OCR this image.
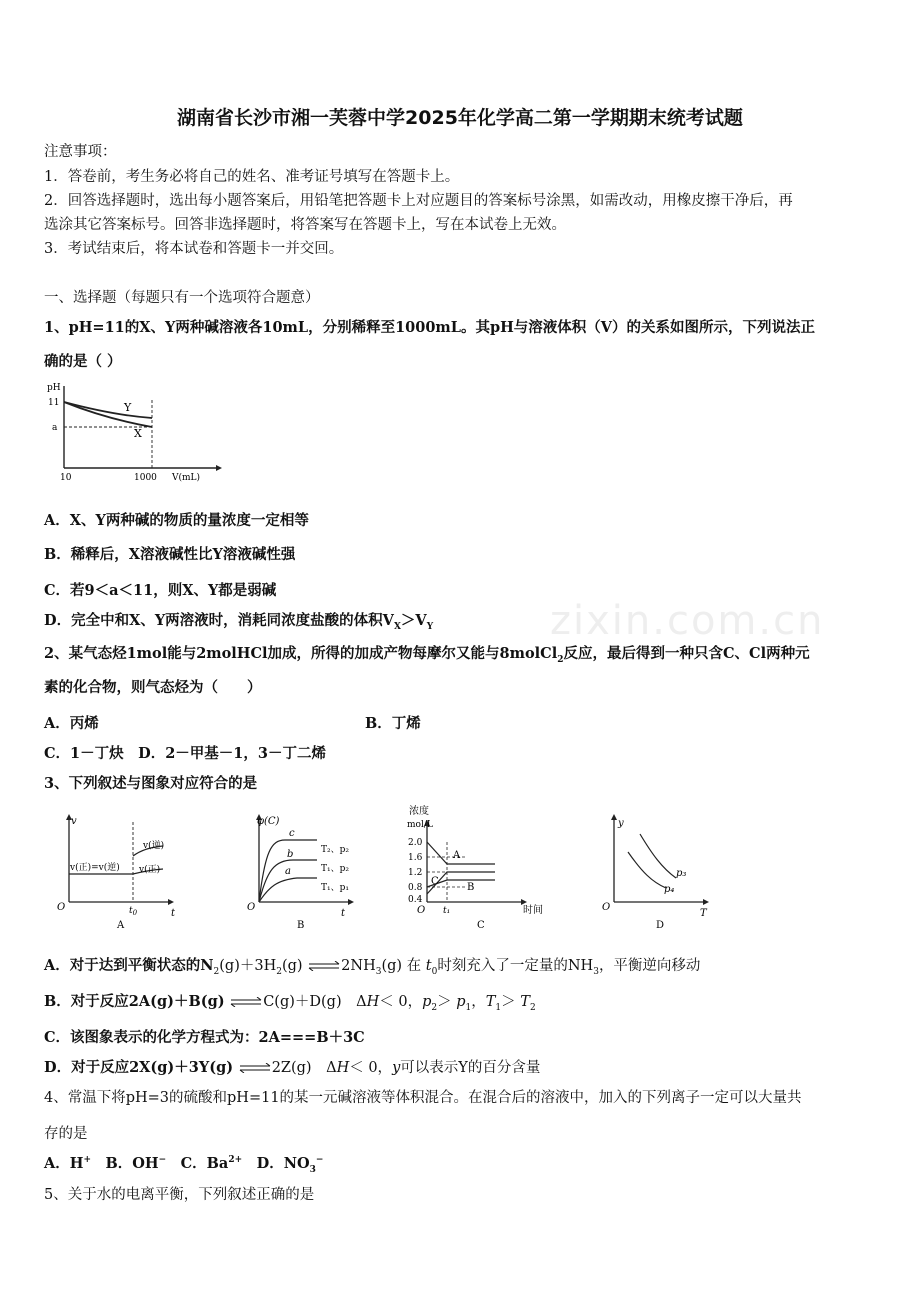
zixin.com.cn
湖南省长沙市湘一芙蓉中学2025年化学高二第一学期期末统考试题
注意事项：
1．答卷前，考生务必将自己的姓名、准考证号填写在答题卡上。
2．回答选择题时，选出每小题答案后，用铅笔把答题卡上对应题目的答案标号涂黑，如需改动，用橡皮擦干净后，再
选涂其它答案标号。回答非选择题时，将答案写在答题卡上，写在本试卷上无效。
3．考试结束后，将本试卷和答题卡一并交回。
一、选择题（每题只有一个选项符合题意）
1、pH=11的X、Y两种碱溶液各10mL，分别稀释至1000mL。其pH与溶液体积（V）的关系如图所示，下列说法正
确的是（ ）
pH
11
a
Y
X
10	1000 V(mL)
A．X、Y两种碱的物质的量浓度一定相等
B．稀释后，X溶液碱性比Y溶液碱性强
C．若9＜a＜11，则X、Y都是弱碱
D．完全中和X、Y两溶液时，消耗同浓度盐酸的体积$V_X>V_Y$
2、某气态烃1mol能与2molHCl加成，所得的加成产物每摩尔又能与8molCl$_2$反应，最后得到一种只含C、Cl两种元
素的化合物，则气态烃为（　　）
A．丙烯	B．丁烯
C．1－丁炔　D．2－甲基－1，3－丁二烯
3、下列叙述与图象对应符合的是
v
t
O	$t_0$
v(逆)
v(正)
v(正)=v(逆)
A
φ(C)
t
O
c
b
a
T₂、p₂
T₁、p₂
T₁、p₁
B
浓度
mol/L
2.0
1.6
1.2
0.8
0.4
O t₁	时间
A
B
C
C
y
T
O
p₃
p₄
D
A．对于达到平衡状态的$N_2(g)+3H_2(g)$ $\rightleftharpoons 2NH_3(g)$ 在 $t_0$时刻充入了一定量的$NH_3$，平衡逆向移动
B．对于反应2A(g)＋B(g) ⇌C(g)＋D(g)　ΔH＜ 0，$p_2> p_1$，$T_1> T_2$
C．该图象表示的化学方程式为：2A===B＋3C
D．对于反应2X(g)＋3Y(g) ⇌2Z(g)　ΔH＜ 0，y可以表示Y的百分含量
4、常温下将pH=3的硫酸和pH=11的某一元碱溶液等体积混合。在混合后的溶液中，加入的下列离子一定可以大量共
存的是
A．H+　 B．OH−　 C．$Ba^{2+}$　 D．$NO_3^-$
5、关于水的电离平衡，下列叙述正确的是
